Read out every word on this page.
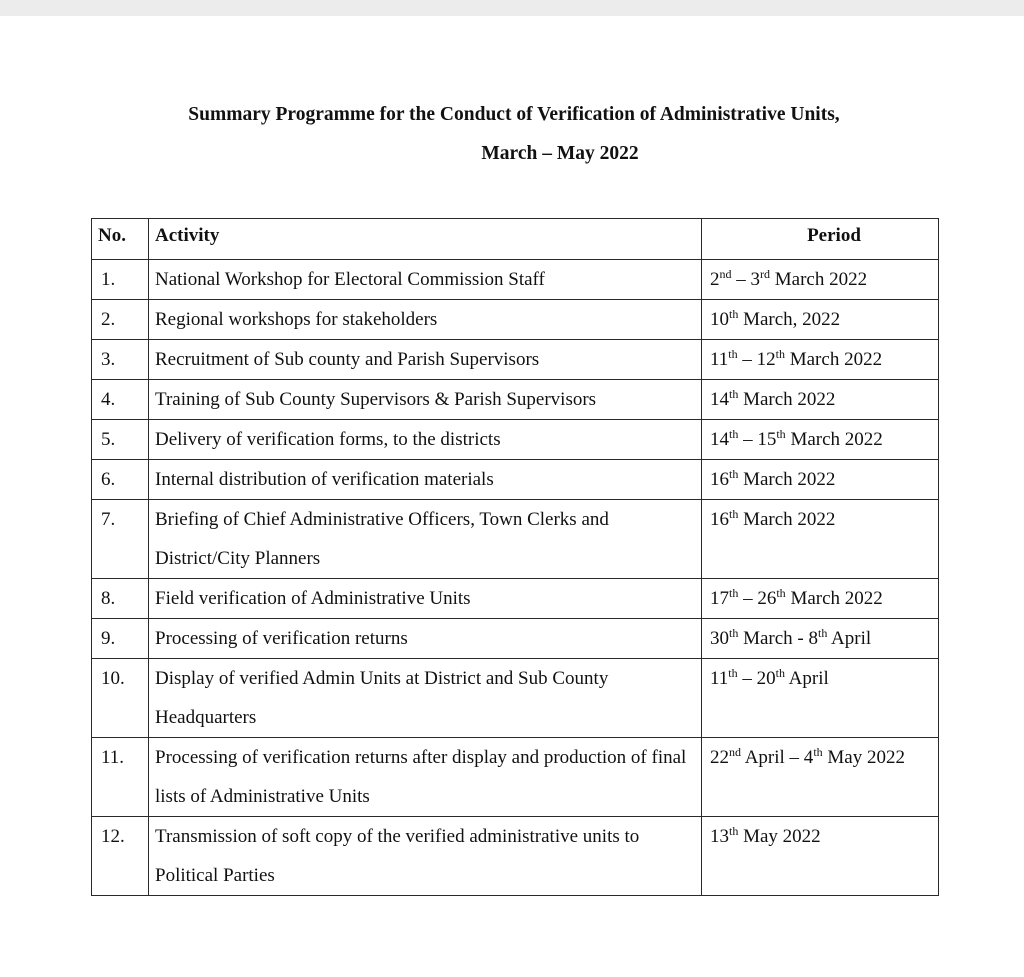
Summary Programme for the Conduct of Verification of Administrative Units,
March – May 2022
No.	Activity	Period
1.	National Workshop for Electoral Commission Staff	2nd – 3rd March 2022
2.	Regional workshops for stakeholders	10th March, 2022
3.	Recruitment of Sub county and Parish Supervisors	11th – 12th March 2022
4.	Training of Sub County Supervisors & Parish Supervisors	14th March 2022
5.	Delivery of verification forms, to the districts	14th – 15th March 2022
6.	Internal distribution of verification materials	16th March 2022
7.	Briefing of Chief Administrative Officers, Town Clerks and District/City Planners	16th March 2022
8.	Field verification of Administrative Units	17th – 26th March 2022
9.	Processing of verification returns	30th March - 8th April
10.	Display of verified Admin Units at District and Sub County Headquarters	11th – 20th April
11.	Processing of verification returns after display and production of final lists of Administrative Units	22nd April – 4th May 2022
12.	Transmission of soft copy of the verified administrative units to Political Parties	13th May 2022
